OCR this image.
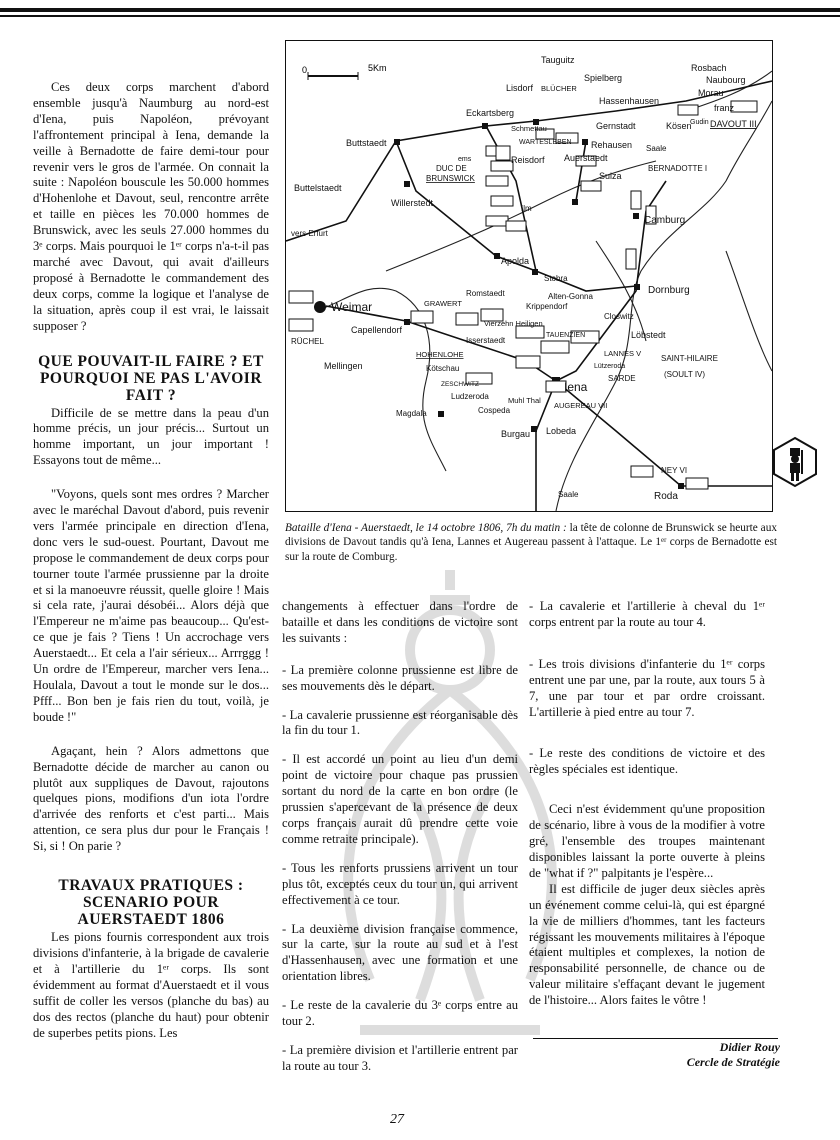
Ces deux corps marchent d'abord ensemble jusqu'à Naumburg au nord-est d'Iena, puis Napoléon, prévoyant l'affrontement principal à Iena, demande la veille à Bernadotte de faire demi-tour pour revenir vers le gros de l'armée. On connait la suite : Napoléon bouscule les 50.000 hommes d'Hohenlohe et Davout, seul, rencontre arrête et taille en pièces les 70.000 hommes de Brunswick, avec les seuls 27.000 hommes du 3ᵉ corps. Mais pourquoi le 1ᵉʳ corps n'a-t-il pas marché avec Davout, qui avait d'ailleurs proposé à Bernadotte le commandement des deux corps, comme la logique et l'analyse de la situation, après coup il est vrai, le laissait supposer ?

QUE POUVAIT-IL FAIRE ? ET POURQUOI NE PAS L'AVOIR FAIT ?

Difficile de se mettre dans la peau d'un homme précis, un jour précis... Surtout un homme important, un jour important ! Essayons tout de même...

"Voyons, quels sont mes ordres ? Marcher avec le maréchal Davout d'abord, puis revenir vers l'armée principale en direction d'Iena, donc vers le sud-ouest. Pourtant, Davout me propose le commandement de deux corps pour tourner toute l'armée prussienne par la droite et si la manoeuvre réussit, quelle gloire ! Mais si cela rate, j'aurai désobéi... Alors déjà que l'Empereur ne m'aime pas beaucoup... Qu'est-ce que je fais ? Tiens ! Un accrochage vers Auerstaedt... Et cela a l'air sérieux... Arrrggg ! Un ordre de l'Empereur, marcher vers Iena... Houlala, Davout a tout le monde sur le dos... Pfff... Bon ben je fais rien du tout, voilà, je boude !"

Agaçant, hein ? Alors admettons que Bernadotte décide de marcher au canon ou plutôt aux suppliques de Davout, rajoutons quelques pions, modifions d'un iota l'ordre d'arrivée des renforts et c'est parti... Mais attention, ce sera plus dur pour le Français ! Si, si ! On parie ?

TRAVAUX PRATIQUES : SCENARIO POUR AUERSTAEDT 1806

Les pions fournis correspondent aux trois divisions d'infanterie, à la brigade de cavalerie et à l'artillerie du 1ᵉʳ corps. Ils sont évidemment au format d'Auerstaedt et il vous suffit de coller les versos (planche du bas) au dos des rectos (planche du haut) pour obtenir de superbes petits pions. Les

0	5Km
Tauguitz
Spielberg
Rosbach
Naubourg
Morau
franz
Lisdorf BLÜCHER
Hassenhausen
Eckartsberg
Schmettau	Gernstadt	Kösen
Gudin DAVOUT III
WARTESLEBEN Rehausen
Buttstaedt
Reisdorf Auerstaedt
ems
DUC DE
BRUNSWICK
Saale
BERNADOTTE I
Sulza
Buttelstaedt
Willerstedt
vers Erfurt
Ilm
Camburg
Apolda
Stobra
Romstaedt	Alten-Gonna
Krippendorf
Dornburg
GRAWERT
Vierzehn Heiligen
Closwitz
Weimar
Capellendorf
Isserstaedt
TAUENZIEN	Löbstedt
RÜCHEL
HOHENLOHE	LANNES V
SAINT-HILAIRE
(SOULT IV)
Lützeroda
Kötschau
SARDE
Mellingen
ZESCHWITZ
Ludzeroda	Muhl Thal
Iena
AUGEREAU VII
Magdala	Cospeda
Burgau Lobeda
NEY VI
Saale	Roda
Bataille d'Iena - Auerstaedt, le 14 octobre 1806, 7h du matin : la tête de colonne de Brunswick se heurte aux divisions de Davout tandis qu'à Iena, Lannes et Augereau passent à l'attaque. Le 1ᵉʳ corps de Bernadotte est sur la route de Comburg.

changements à effectuer dans l'ordre de bataille et dans les conditions de victoire sont les suivants :

- La première colonne prussienne est libre de ses mouvements dès le départ.

- La cavalerie prussienne est réorganisable dès la fin du tour 1.

- Il est accordé un point au lieu d'un demi point de victoire pour chaque pas prussien sortant du nord de la carte en bon ordre (le prussien s'apercevant de la présence de deux corps français aurait dû prendre cette voie comme retraite principale).

- Tous les renforts prussiens arrivent un tour plus tôt, exceptés ceux du tour un, qui arrivent effectivement à ce tour.

- La deuxième division française commence, sur la carte, sur la route au sud et à l'est d'Hassenhausen, avec une formation et une orientation libres.

- Le reste de la cavalerie du 3ᵉ corps entre au tour 2.

- La première division et l'artillerie entrent par la route au tour 3.

- La cavalerie et l'artillerie à cheval du 1ᵉʳ corps entrent par la route au tour 4.

- Les trois divisions d'infanterie du 1ᵉʳ corps entrent une par une, par la route, aux tours 5 à 7, une par tour et par ordre croissant. L'artillerie à pied entre au tour 7.

- Le reste des conditions de victoire et des règles spéciales est identique.

Ceci n'est évidemment qu'une proposition de scénario, libre à vous de la modifier à votre gré, l'ensemble des troupes maintenant disponibles laissant la porte ouverte à pleins de "what if ?" palpitants je l'espère...

Il est difficile de juger deux siècles après un événement comme celui-là, qui est épargné la vie de milliers d'hommes, tant les facteurs régissant les mouvements militaires à l'époque étaient multiples et complexes, la notion de responsabilité personnelle, de chance ou de valeur militaire s'effaçant devant le jugement de l'histoire... Alors faites le vôtre !

Didier Rouy
Cercle de Stratégie
27
